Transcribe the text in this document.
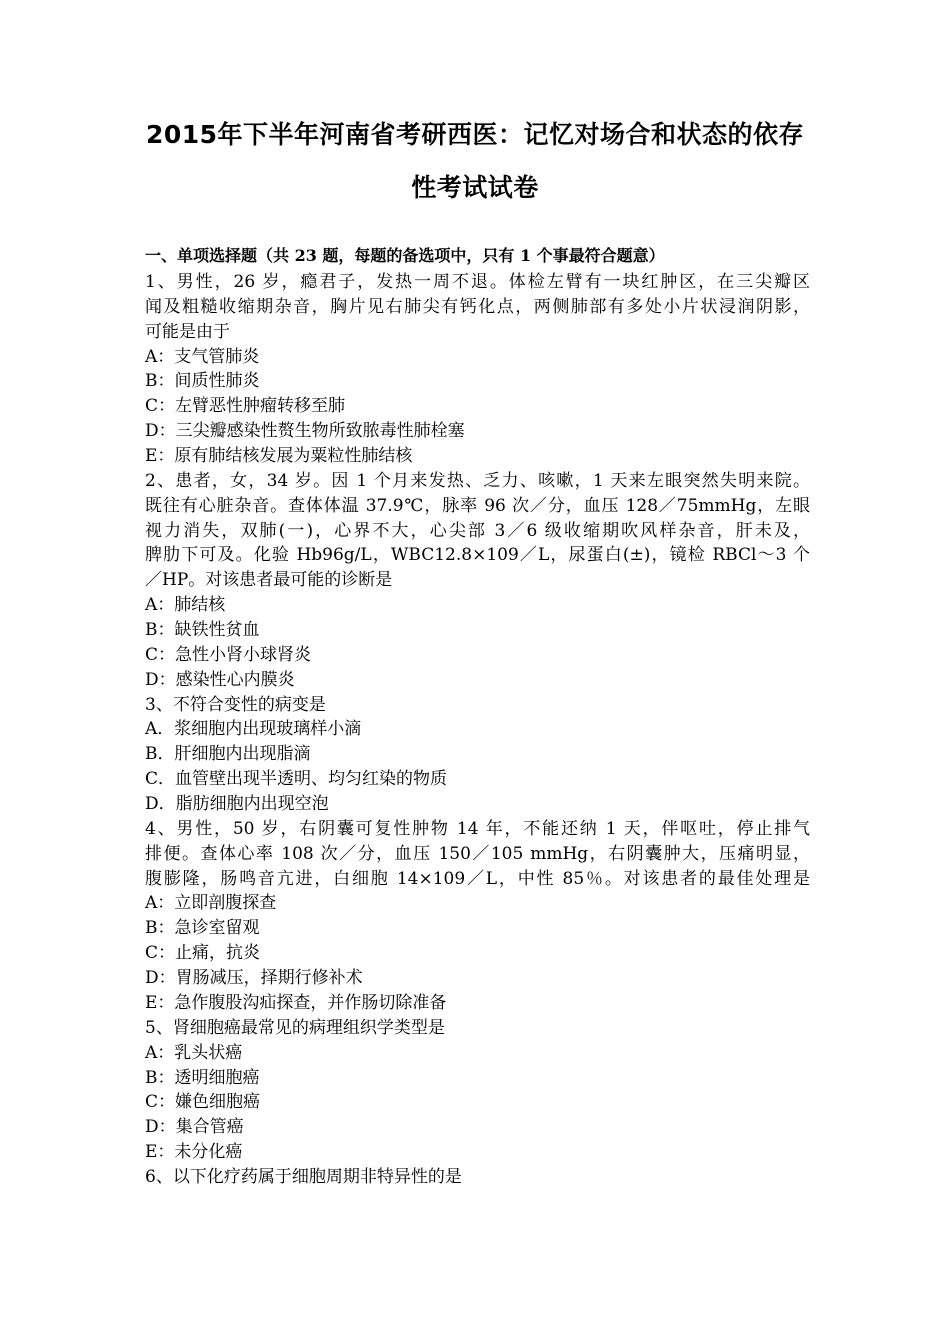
2015年下半年河南省考研西医：记忆对场合和状态的依存
性考试试卷
一、单项选择题（共 23 题，每题的备选项中，只有 1 个事最符合题意）
1、男性，26 岁，瘾君子，发热一周不退。体检左臂有一块红肿区，在三尖瓣区
闻及粗糙收缩期杂音，胸片见右肺尖有钙化点，两侧肺部有多处小片状浸润阴影，
可能是由于
A：支气管肺炎
B：间质性肺炎
C：左臂恶性肿瘤转移至肺
D：三尖瓣感染性赘生物所致脓毒性肺栓塞
E：原有肺结核发展为粟粒性肺结核
2、患者，女，34 岁。因 1 个月来发热、乏力、咳嗽，1 天来左眼突然失明来院。
既往有心脏杂音。查体体温 37.9℃，脉率 96 次／分，血压 128／75mmHg，左眼
视力消失，双肺(一)，心界不大，心尖部 3／6 级收缩期吹风样杂音，肝未及，
脾肋下可及。化验 Hb96g/L，WBC12.8×109／L，尿蛋白(±)，镜检 RBCl～3 个
／HP。对该患者最可能的诊断是
A：肺结核
B：缺铁性贫血
C：急性小肾小球肾炎
D：感染性心内膜炎
3、不符合变性的病变是
A．浆细胞内出现玻璃样小滴
B．肝细胞内出现脂滴
C．血管壁出现半透明、均匀红染的物质
D．脂肪细胞内出现空泡
4、男性，50 岁，右阴囊可复性肿物 14 年，不能还纳 1 天，伴呕吐，停止排气
排便。查体心率 108 次／分，血压 150／105 mmHg，右阴囊肿大，压痛明显，
腹膨隆，肠鸣音亢进，白细胞 14×109／L，中性 85％。对该患者的最佳处理是
A：立即剖腹探查
B：急诊室留观
C：止痛，抗炎
D：胃肠减压，择期行修补术
E：急作腹股沟疝探查，并作肠切除准备
5、肾细胞癌最常见的病理组织学类型是
A：乳头状癌
B：透明细胞癌
C：嫌色细胞癌
D：集合管癌
E：未分化癌
6、以下化疗药属于细胞周期非特异性的是
